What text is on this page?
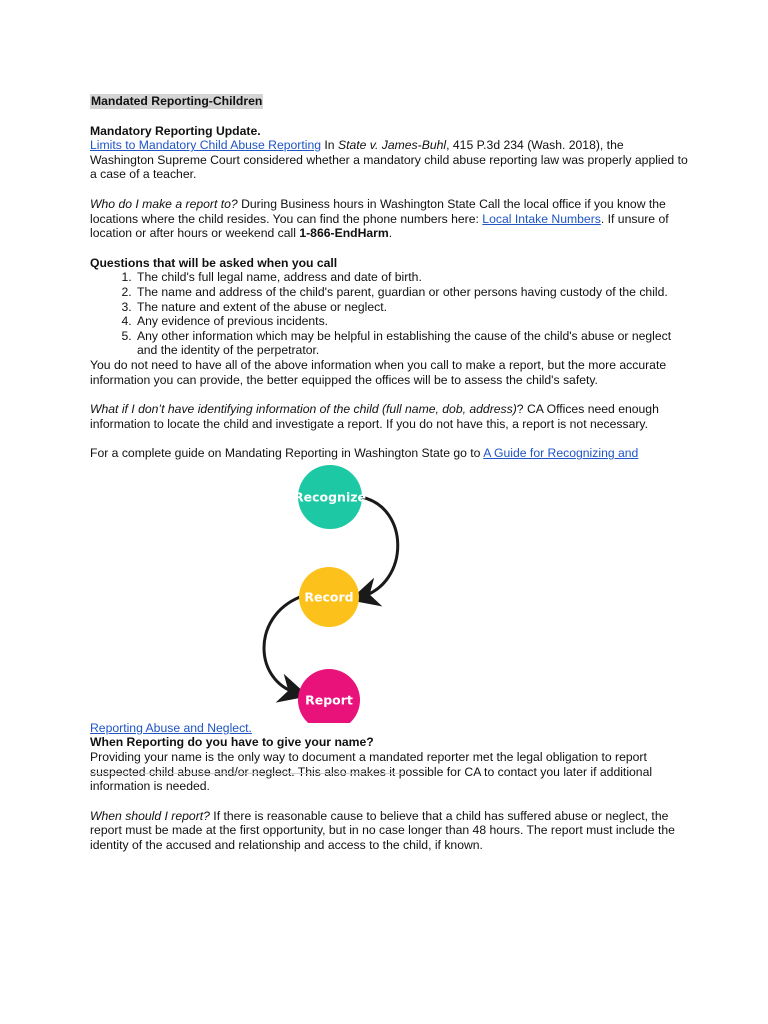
Mandated Reporting-Children

Mandatory Reporting Update.

Limits to Mandatory Child Abuse Reporting In State v. James-Buhl, 415 P.3d 234 (Wash. 2018), the Washington Supreme Court considered whether a mandatory child abuse reporting law was properly applied to a case of a teacher.

Who do I make a report to? During Business hours in Washington State Call the local office if you know the locations where the child resides. You can find the phone numbers here: Local Intake Numbers. If unsure of location or after hours or weekend call 1-866-EndHarm.

Questions that will be asked when you call

1. The child's full legal name, address and date of birth.
2. The name and address of the child's parent, guardian or other persons having custody of the child.
3. The nature and extent of the abuse or neglect.
4. Any evidence of previous incidents.
5. Any other information which may be helpful in establishing the cause of the child's abuse or neglect and the identity of the perpetrator.

You do not need to have all of the above information when you call to make a report, but the more accurate information you can provide, the better equipped the offices will be to assess the child's safety.

What if I don’t have identifying information of the child (full name, dob, address)? CA Offices need enough information to locate the child and investigate a report. If you do not have this, a report is not necessary.

For a complete guide on Mandating Reporting in Washington State go to A Guide for Recognizing and

Recognize
Record
Report

Reporting Abuse and Neglect.

When Reporting do you have to give your name?

Providing your name is the only way to document a mandated reporter met the legal obligation to report suspected child abuse and/or neglect. This also makes it possible for CA to contact you later if additional information is needed.

When should I report? If there is reasonable cause to believe that a child has suffered abuse or neglect, the report must be made at the first opportunity, but in no case longer than 48 hours. The report must include the identity of the accused and relationship and access to the child, if known.
